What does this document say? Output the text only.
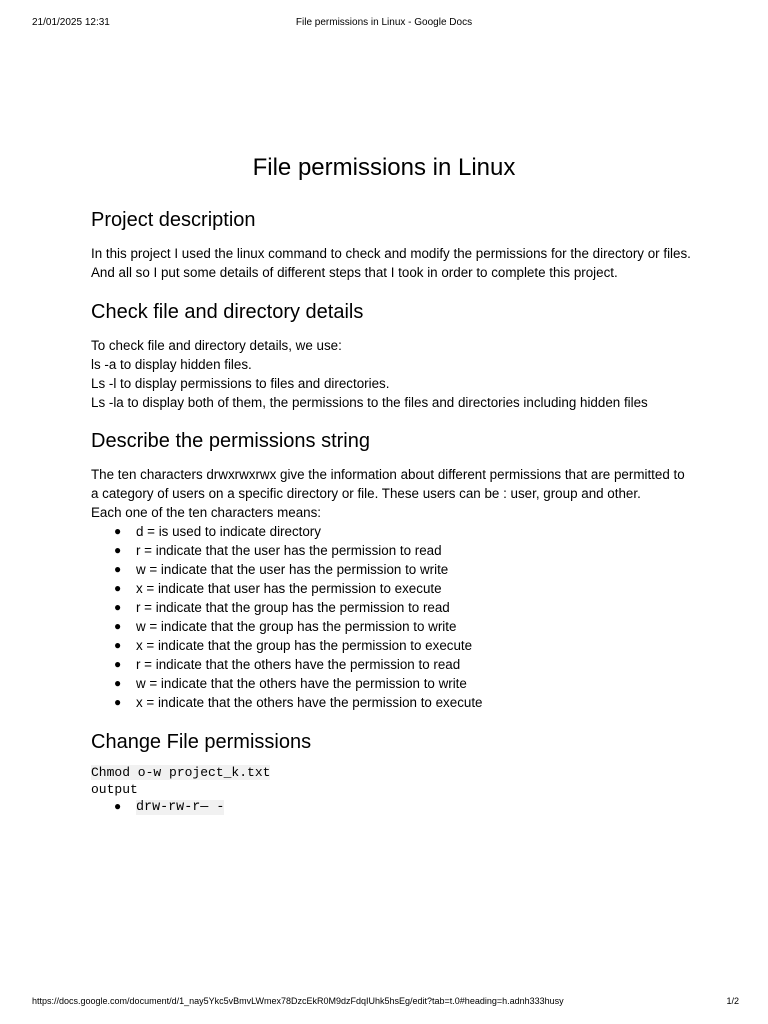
21/01/2025 12:31	File permissions in Linux - Google Docs
File permissions in Linux
Project description

In this project I used the linux command to check and modify the permissions for the directory or files. And all so I put some details of different steps that I took in order to complete this project.

Check file and directory details
To check file and directory details, we use:
ls -a to display hidden files.
Ls -l to display permissions to files and directories.
Ls -la to display both of them, the permissions to the files and directories including hidden files
Describe the permissions string

The ten characters drwxrwxrwx give the information about different permissions that are permitted to a category of users on a specific directory or file. These users can be : user, group and other.

Each one of the ten characters means:
● d = is used to indicate directory
● r = indicate that the user has the permission to read
● w = indicate that the user has the permission to write
● x = indicate that user has the permission to execute
● r = indicate that the group has the permission to read
● w = indicate that the group has the permission to write
● x = indicate that the group has the permission to execute
● r = indicate that the others have the permission to read
● w = indicate that the others have the permission to write
● x = indicate that the others have the permission to execute
Change File permissions
Chmod o-w project_k.txt
output
● drw-rw-r— -
https://docs.google.com/document/d/1_nay5Ykc5vBmvLWmex78DzcEkR0M9dzFdqIUhk5hsEg/edit?tab=t.0#heading=h.adnh333husy	1/2
